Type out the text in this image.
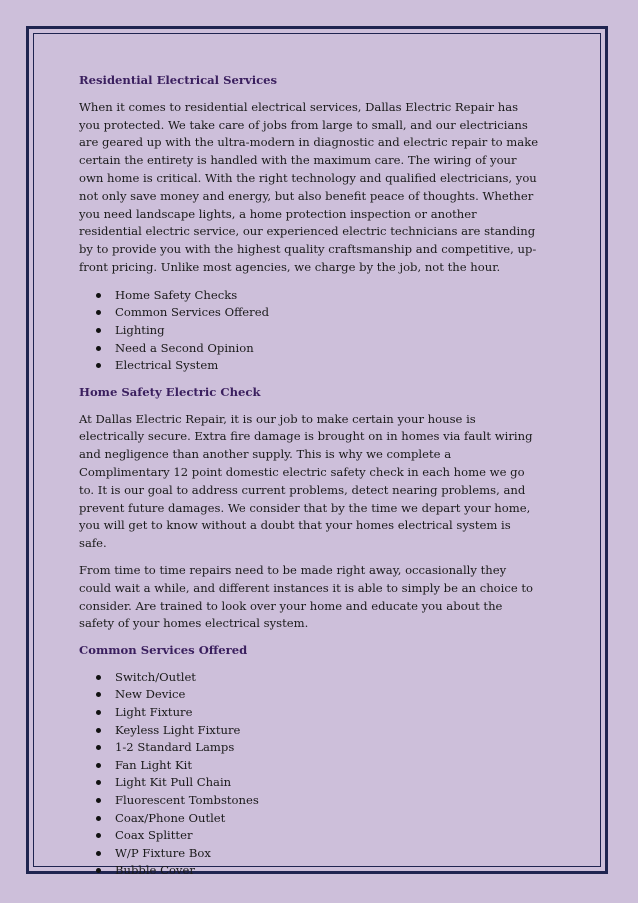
Residential Electrical Services

When it comes to residential electrical services, Dallas Electric Repair has you protected. We take care of jobs from large to small, and our electricians are geared up with the ultra-modern in diagnostic and electric repair to make certain the entirety is handled with the maximum care. The wiring of your own home is critical. With the right technology and qualified electricians, you not only save money and energy, but also benefit peace of thoughts. Whether you need landscape lights, a home protection inspection or another residential electric service, our experienced electric technicians are standing by to provide you with the highest quality craftsmanship and competitive, up-front pricing. Unlike most agencies, we charge by the job, not the hour.

Home Safety Checks
Common Services Offered
Lighting
Need a Second Opinion
Electrical System

Home Safety Electric Check

At Dallas Electric Repair, it is our job to make certain your house is electrically secure. Extra fire damage is brought on in homes via fault wiring and negligence than another supply. This is why we complete a Complimentary 12 point domestic electric safety check in each home we go to. It is our goal to address current problems, detect nearing problems, and prevent future damages. We consider that by the time we depart your home, you will get to know without a doubt that your homes electrical system is safe.

From time to time repairs need to be made right away, occasionally they could wait a while, and different instances it is able to simply be an choice to consider. Are trained to look over your home and educate you about the safety of your homes electrical system.

Common Services Offered

Switch/Outlet
New Device
Light Fixture
Keyless Light Fixture
1-2 Standard Lamps
Fan Light Kit
Light Kit Pull Chain
Fluorescent Tombstones
Coax/Phone Outlet
Coax Splitter
W/P Fixture Box
Bubble Cover
